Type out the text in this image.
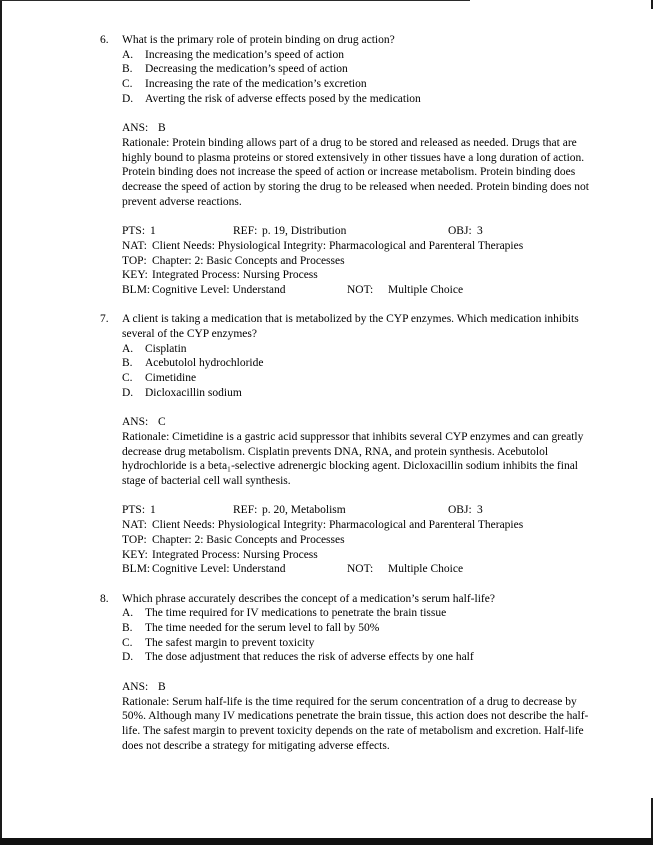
6.	What is the primary role of protein binding on drug action?
A.	Increasing the medication’s speed of action
B.	Decreasing the medication’s speed of action
C.	Increasing the rate of the medication’s excretion
D.	Averting the risk of adverse effects posed by the medication
ANS: B
Rationale: Protein binding allows part of a drug to be stored and released as needed. Drugs that are highly bound to plasma proteins or stored extensively in other tissues have a long duration of action. Protein binding does not increase the speed of action or increase metabolism. Protein binding does decrease the speed of action by storing the drug to be released when needed. Protein binding does not prevent adverse reactions.
PTS: 1	REF: p. 19, Distribution	OBJ: 3
NAT: Client Needs: Physiological Integrity: Pharmacological and Parenteral Therapies
TOP: Chapter: 2: Basic Concepts and Processes
KEY: Integrated Process: Nursing Process
BLM: Cognitive Level: Understand	NOT:	Multiple Choice
7.	A client is taking a medication that is metabolized by the CYP enzymes. Which medication inhibits several of the CYP enzymes?
A.	Cisplatin
B.	Acebutolol hydrochloride
C.	Cimetidine
D.	Dicloxacillin sodium
ANS: C
Rationale: Cimetidine is a gastric acid suppressor that inhibits several CYP enzymes and can greatly decrease drug metabolism. Cisplatin prevents DNA, RNA, and protein synthesis. Acebutolol hydrochloride is a beta₁-selective adrenergic blocking agent. Dicloxacillin sodium inhibits the final stage of bacterial cell wall synthesis.
PTS: 1	REF: p. 20, Metabolism	OBJ: 3
NAT: Client Needs: Physiological Integrity: Pharmacological and Parenteral Therapies
TOP: Chapter: 2: Basic Concepts and Processes
KEY: Integrated Process: Nursing Process
BLM: Cognitive Level: Understand	NOT:	Multiple Choice
8.	Which phrase accurately describes the concept of a medication’s serum half-life?
A.	The time required for IV medications to penetrate the brain tissue
B.	The time needed for the serum level to fall by 50%
C.	The safest margin to prevent toxicity
D.	The dose adjustment that reduces the risk of adverse effects by one half
ANS: B
Rationale: Serum half-life is the time required for the serum concentration of a drug to decrease by 50%. Although many IV medications penetrate the brain tissue, this action does not describe the half-life. The safest margin to prevent toxicity depends on the rate of metabolism and excretion. Half-life does not describe a strategy for mitigating adverse effects.
